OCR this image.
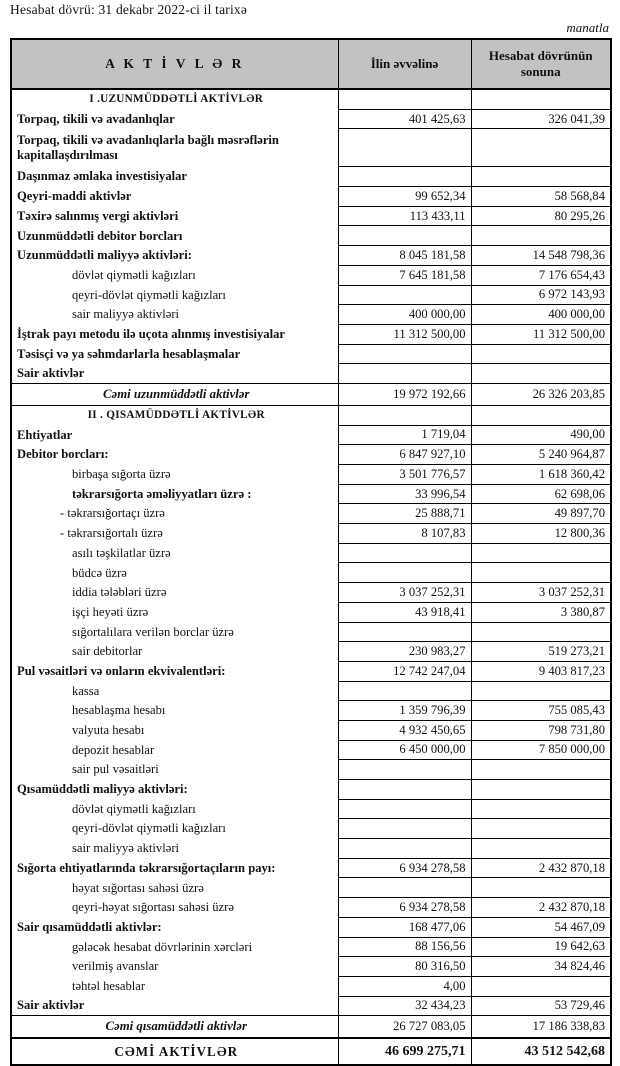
Hesabat dövrü: 31 dekabr 2022-ci il tarixə
manatla
A K T İ V L Ə R	İlin əvvəlinə	Hesabat dövrünün sonuna
I .UZUNMÜDDƏTLİ AKTİVLƏR		
Torpaq, tikili və avadanlıqlar	401 425,63	326 041,39
Torpaq, tikili və avadanlıqlarla bağlı məsrəflərin kapitallaşdırılması		
Daşınmaz əmlaka investisiyalar		
Qeyri-maddi aktivlər	99 652,34	58 568,84
Təxirə salınmış vergi aktivləri	113 433,11	80 295,26
Uzunmüddətli debitor borcları		
Uzunmüddətli maliyyə aktivləri:	8 045 181,58	14 548 798,36
dövlət qiymətli kağızları	7 645 181,58	7 176 654,43
qeyri-dövlət qiymətli kağızları		6 972 143,93
sair maliyyə aktivləri	400 000,00	400 000,00
İştrak payı metodu ilə uçota alınmış investisiyalar	11 312 500,00	11 312 500,00
Təsisçi və ya səhmdarlarla hesablaşmalar		
Sair aktivlər		
Cəmi uzunmüddətli aktivlər	19 972 192,66	26 326 203,85
II . QISAMÜDDƏTLİ AKTİVLƏR		
Ehtiyatlar	1 719,04	490,00
Debitor borcları:	6 847 927,10	5 240 964,87
birbaşa sığorta üzrə	3 501 776,57	1 618 360,42
təkrarsığorta əməliyyatları üzrə :	33 996,54	62 698,06
- təkrarsığortaçı üzrə	25 888,71	49 897,70
- təkrarsığortalı üzrə	8 107,83	12 800,36
asılı təşkilatlar üzrə		
büdcə üzrə		
iddia tələbləri üzrə	3 037 252,31	3 037 252,31
işçi heyəti üzrə	43 918,41	3 380,87
sığortalılara verilən borclar üzrə		
sair debitorlar	230 983,27	519 273,21
Pul vəsaitləri və onların ekvivalentləri:	12 742 247,04	9 403 817,23
kassa		
hesablaşma hesabı	1 359 796,39	755 085,43
valyuta hesabı	4 932 450,65	798 731,80
depozit hesablar	6 450 000,00	7 850 000,00
sair pul vəsaitləri		
Qısamüddətli maliyyə aktivləri:		
dövlət qiymətli kağızları		
qeyri-dövlət qiymətli kağızları		
sair maliyyə aktivləri		
Sığorta ehtiyatlarında təkrarsığortaçıların payı:	6 934 278,58	2 432 870,18
həyat sığortası sahəsi üzrə		
qeyri-həyat sığortası sahəsi üzrə	6 934 278,58	2 432 870,18
Sair qısamüddətli aktivlər:	168 477,06	54 467,09
gələcək hesabat dövrlərinin xərcləri	88 156,56	19 642,63
verilmiş avanslar	80 316,50	34 824,46
təhtəl hesablar	4,00	
Sair aktivlər	32 434,23	53 729,46
Cəmi qısamüddətli aktivlər	26 727 083,05	17 186 338,83
CƏMİ AKTİVLƏR	46 699 275,71	43 512 542,68
